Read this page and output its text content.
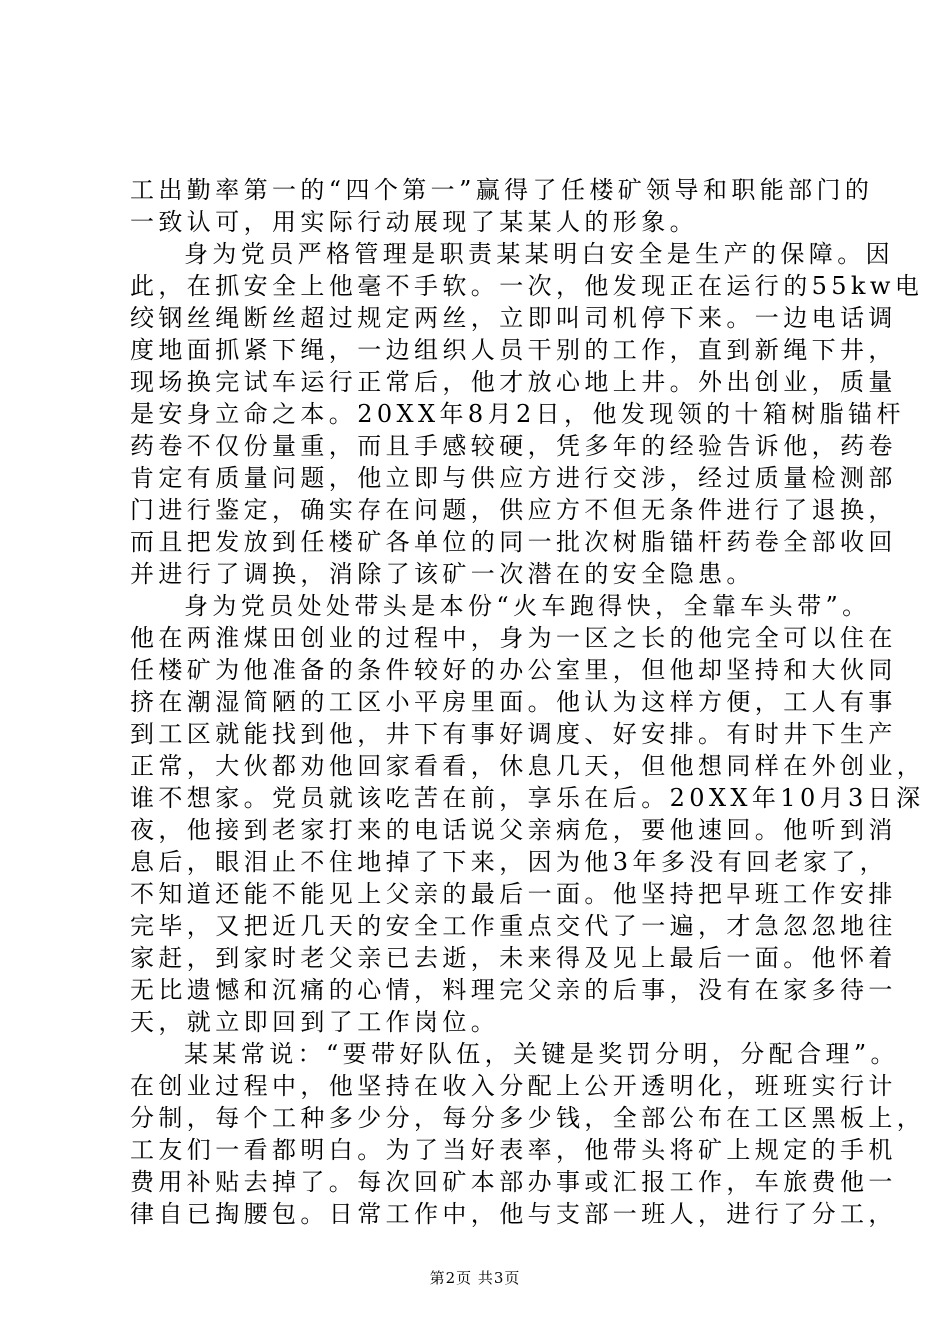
工出勤率第一的“四个第一”赢得了任楼矿领导和职能部门的
一致认可，用实际行动展现了某某人的形象。
身为党员严格管理是职责某某明白安全是生产的保障。因
此，在抓安全上他毫不手软。一次，他发现正在运行的55kw电
绞钢丝绳断丝超过规定两丝，立即叫司机停下来。一边电话调
度地面抓紧下绳，一边组织人员干别的工作，直到新绳下井，
现场换完试车运行正常后，他才放心地上井。外出创业，质量
是安身立命之本。20XX年8月2日，他发现领的十箱树脂锚杆
药卷不仅份量重，而且手感较硬，凭多年的经验告诉他，药卷
肯定有质量问题，他立即与供应方进行交涉，经过质量检测部
门进行鉴定，确实存在问题，供应方不但无条件进行了退换，
而且把发放到任楼矿各单位的同一批次树脂锚杆药卷全部收回
并进行了调换，消除了该矿一次潜在的安全隐患。
身为党员处处带头是本份“火车跑得快，全靠车头带”。
他在两淮煤田创业的过程中，身为一区之长的他完全可以住在
任楼矿为他准备的条件较好的办公室里，但他却坚持和大伙同
挤在潮湿简陋的工区小平房里面。他认为这样方便，工人有事
到工区就能找到他，井下有事好调度、好安排。有时井下生产
正常，大伙都劝他回家看看，休息几天，但他想同样在外创业，
谁不想家。党员就该吃苦在前，享乐在后。20XX年10月3日深
夜，他接到老家打来的电话说父亲病危，要他速回。他听到消
息后，眼泪止不住地掉了下来，因为他3年多没有回老家了，
不知道还能不能见上父亲的最后一面。他坚持把早班工作安排
完毕，又把近几天的安全工作重点交代了一遍，才急忽忽地往
家赶，到家时老父亲已去逝，未来得及见上最后一面。他怀着
无比遗憾和沉痛的心情，料理完父亲的后事，没有在家多待一
天，就立即回到了工作岗位。
某某常说：“要带好队伍，关键是奖罚分明，分配合理”。
在创业过程中，他坚持在收入分配上公开透明化，班班实行计
分制，每个工种多少分，每分多少钱，全部公布在工区黑板上，
工友们一看都明白。为了当好表率，他带头将矿上规定的手机
费用补贴去掉了。每次回矿本部办事或汇报工作，车旅费他一
律自已掏腰包。日常工作中，他与支部一班人，进行了分工，
第2页 共3页
